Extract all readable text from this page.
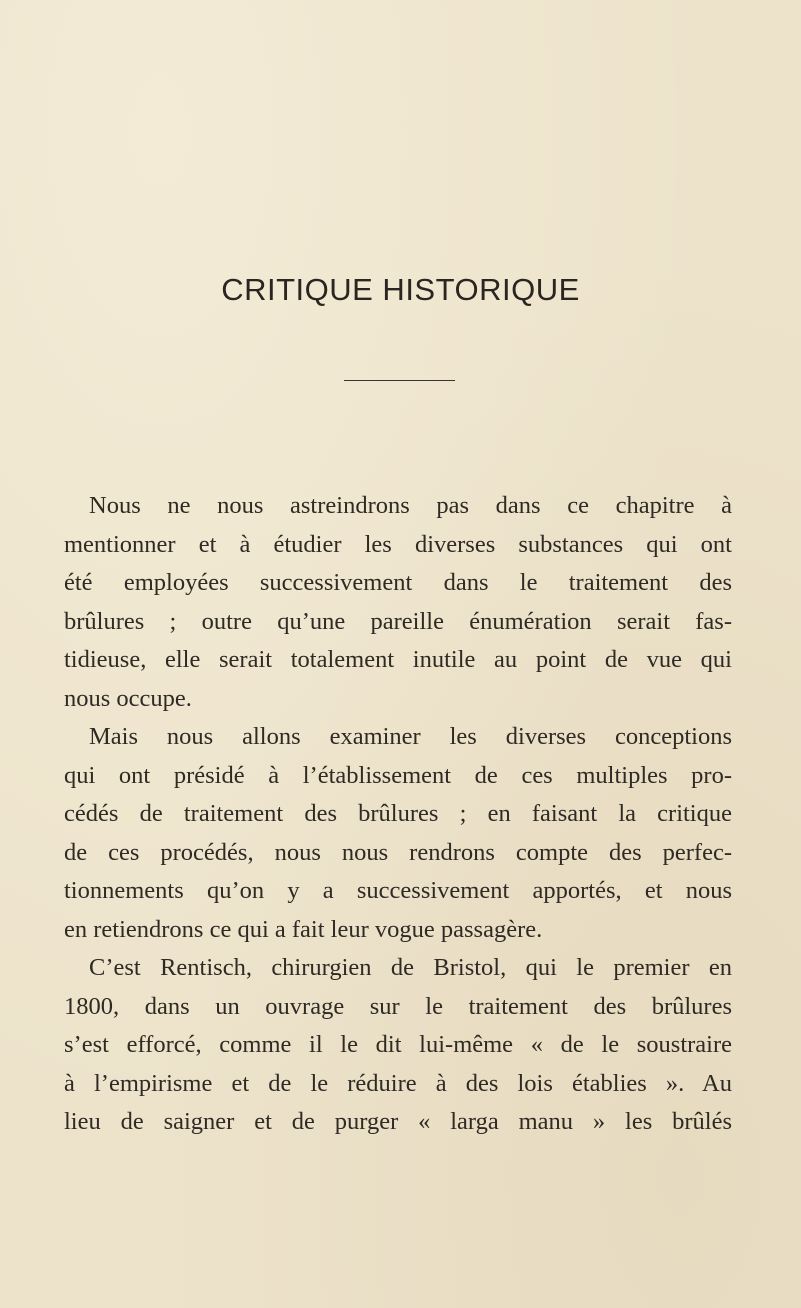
CRITIQUE HISTORIQUE

Nous ne nous astreindrons pas dans ce chapitre à
mentionner et à étudier les diverses substances qui ont
été employées successivement dans le traitement des
brûlures ; outre qu’une pareille énumération serait fas-
tidieuse, elle serait totalement inutile au point de vue qui
nous occupe.

Mais nous allons examiner les diverses conceptions
qui ont présidé à l’établissement de ces multiples pro-
cédés de traitement des brûlures ; en faisant la critique
de ces procédés, nous nous rendrons compte des perfec-
tionnements qu’on y a successivement apportés, et nous
en retiendrons ce qui a fait leur vogue passagère.

C’est Rentisch, chirurgien de Bristol, qui le premier en
1800, dans un ouvrage sur le traitement des brûlures
s’est efforcé, comme il le dit lui-même « de le soustraire
à l’empirisme et de le réduire à des lois établies ». Au
lieu de saigner et de purger « larga manu » les brûlés
